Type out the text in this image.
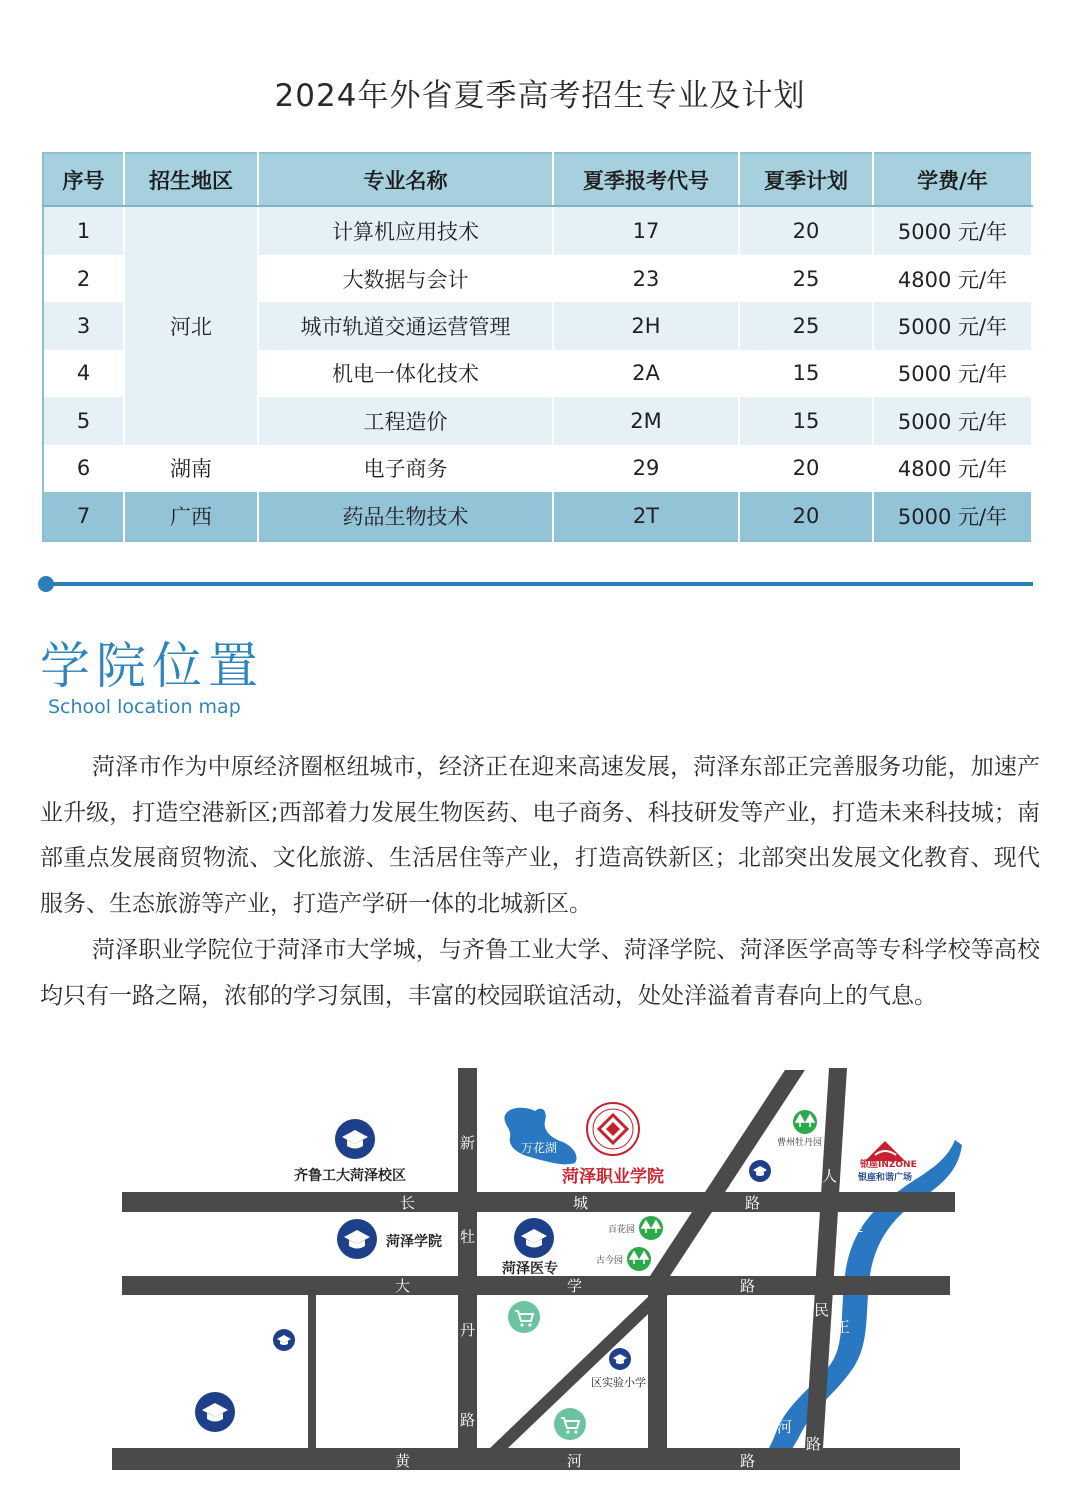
2024年外省夏季高考招生专业及计划
序号	招生地区	专业名称	夏季报考代号	夏季计划	学费/年
1	河北	计算机应用技术	17	20	5000 元/年
2		大数据与会计	23	25	4800 元/年
3		城市轨道交通运营管理	2H	25	5000 元/年
4		机电一体化技术	2A	15	5000 元/年
5		工程造价	2M	15	5000 元/年
6	湖南	电子商务	29	20	4800 元/年
7	广西	药品生物技术	2T	20	5000 元/年
学院位置
School location map

菏泽市作为中原经济圈枢纽城市，经济正在迎来高速发展，菏泽东部正完善服务功能，加速产业升级，打造空港新区;西部着力发展生物医药、电子商务、科技研发等产业，打造未来科技城；南部重点发展商贸物流、文化旅游、生活居住等产业，打造高铁新区；北部突出发展文化教育、现代服务、生态旅游等产业，打造产学研一体的北城新区。

菏泽职业学院位于菏泽市大学城，与齐鲁工业大学、菏泽学院、菏泽医学高等专科学校等高校均只有一路之隔，浓郁的学习氛围，丰富的校园联谊活动，处处洋溢着青春向上的气息。

长	城	路
大	学	路
黄	河	路
新
牡
丹
路
人
民
路
赵
王
河
万花湖
菏泽职业学院
齐鲁工大菏泽校区
菏泽学院
菏泽医专
区实验小学
曹州牡丹园
百花园
古今园
银座INZONE
银座和谐广场
